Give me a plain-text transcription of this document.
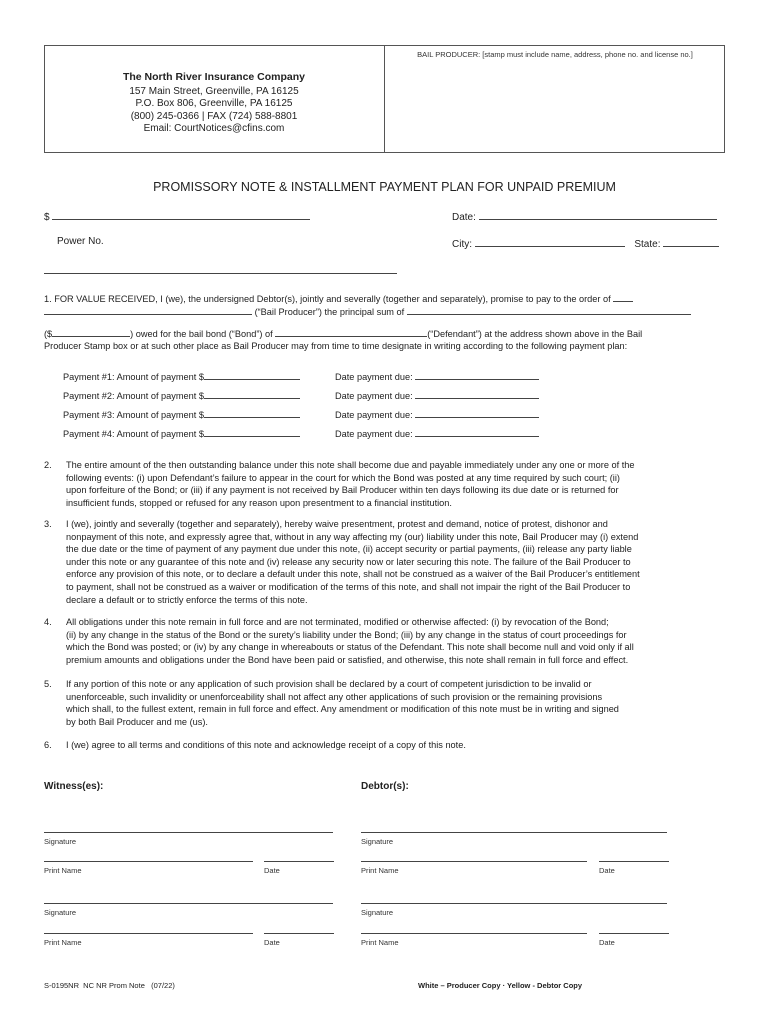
BAIL PRODUCER: [stamp must include name, address, phone no. and license no.]
The North River Insurance Company
157 Main Street, Greenville, PA 16125
P.O. Box 806, Greenville, PA 16125
(800) 245-0366 | FAX (724) 588-8801
Email: CourtNotices@cfins.com
PROMISSORY NOTE & INSTALLMENT PAYMENT PLAN FOR UNPAID PREMIUM
$	Date:
Power No.	City:	State:
1. FOR VALUE RECEIVED, I (we), the undersigned Debtor(s), jointly and severally (together and separately), promise to pay to the order of
(“Bail Producer”) the principal sum of
($	) owed for the bail bond (“Bond”) of	(“Defendant”) at the address shown above in the Bail
Producer Stamp box or at such other place as Bail Producer may from time to time designate in writing according to the following payment plan:
Payment #1: Amount of payment $	Date payment due:
Payment #2: Amount of payment $	Date payment due:
Payment #3: Amount of payment $	Date payment due:
Payment #4: Amount of payment $	Date payment due:
2.	The entire amount of the then outstanding balance under this note shall become due and payable immediately under any one or more of the
following events: (i) upon Defendant’s failure to appear in the court for which the Bond was posted at any time required by such court; (ii)
upon forfeiture of the Bond; or (iii) if any payment is not received by Bail Producer within ten days following its due date or is returned for
insufficient funds, stopped or refused for any reason upon presentment to a financial institution.
3.	I (we), jointly and severally (together and separately), hereby waive presentment, protest and demand, notice of protest, dishonor and
nonpayment of this note, and expressly agree that, without in any way affecting my (our) liability under this note, Bail Producer may (i) extend
the due date or the time of payment of any payment due under this note, (ii) accept security or partial payments, (iii) release any party liable
under this note or any guarantee of this note and (iv) release any security now or later securing this note. The failure of the Bail Producer to
enforce any provision of this note, or to declare a default under this note, shall not be construed as a waiver of the Bail Producer’s entitlement
to payment, shall not be construed as a waiver or modification of the terms of this note, and shall not impair the right of the Bail Producer to
declare a default or to strictly enforce the terms of this note.
4.	All obligations under this note remain in full force and are not terminated, modified or otherwise affected: (i) by revocation of the Bond;
(ii) by any change in the status of the Bond or the surety’s liability under the Bond; (iii) by any change in the status of court proceedings for
which the Bond was posted; or (iv) by any change in whereabouts or status of the Defendant. This note shall become null and void only if all
premium amounts and obligations under the Bond have been paid or satisfied, and otherwise, this note shall remain in full force and effect.
5.	If any portion of this note or any application of such provision shall be declared by a court of competent jurisdiction to be invalid or
unenforceable, such invalidity or unenforceability shall not affect any other applications of such provision or the remaining provisions
which shall, to the fullest extent, remain in full force and effect. Any amendment or modification of this note must be in writing and signed
by both Bail Producer and me (us).
6.	I (we) agree to all terms and conditions of this note and acknowledge receipt of a copy of this note.
Witness(es):	Debtor(s):
Signature
Print Name	Date
Signature
Print Name	Date
Signature
Print Name	Date
Signature
Print Name	Date
S-0195NR  NC NR Prom Note   (07/22)	White – Producer Copy · Yellow - Debtor Copy
